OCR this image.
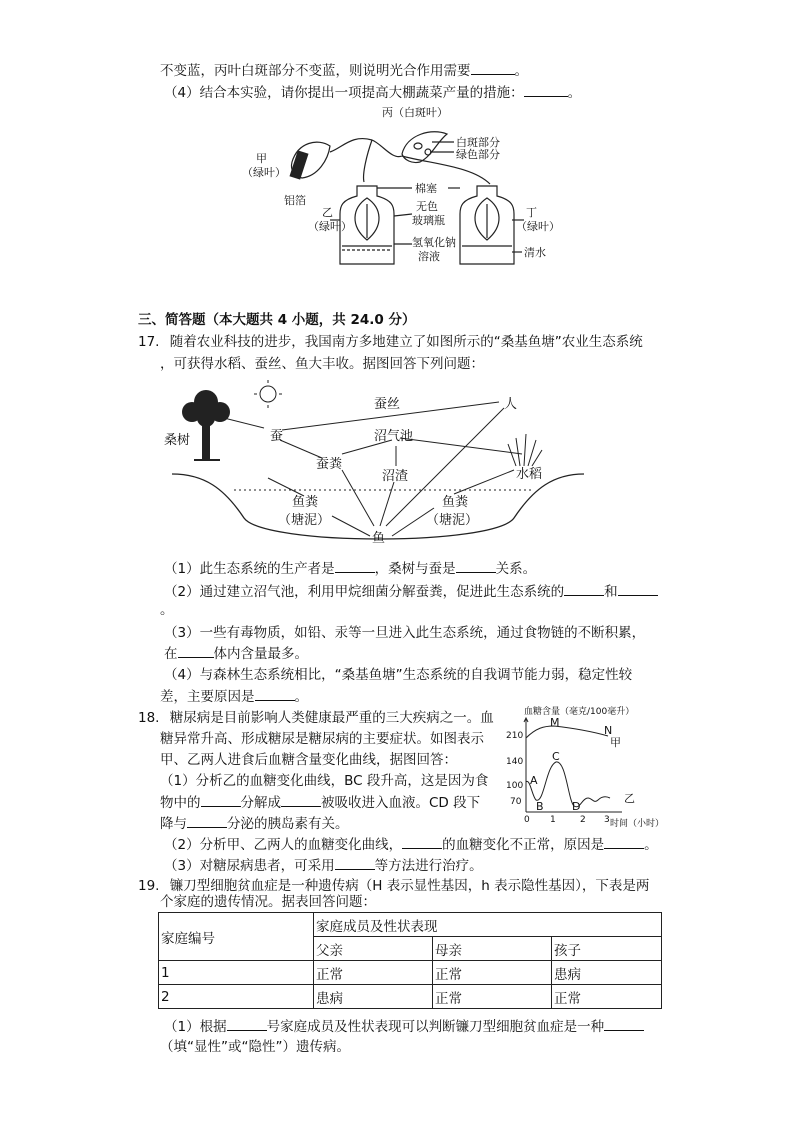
不变蓝，丙叶白斑部分不变蓝，则说明光合作用需要	。
（4）结合本实验，请你提出一项提高大棚蔬菜产量的措施：	。
丙（白斑叶）
白斑部分
绿色部分
甲
（绿叶）
铝箔
棉塞
无色
玻璃瓶
乙
（绿叶）
丁
（绿叶）
氢氧化钠
溶液	清水
三、简答题（本大题共 4 小题，共 24.0 分）
17. 随着农业科技的进步，我国南方多地建立了如图所示的“桑基鱼塘”农业生态系统
，可获得水稻、蚕丝、鱼大丰收。据图回答下列问题：
桑树	蚕
蚕丝	人
沼气池
蚕粪
沼渣	水稻
鱼粪
（塘泥）
鱼粪
（塘泥）
鱼
（1）此生态系统的生产者是	，桑树与蚕是	关系。
（2）通过建立沼气池，利用甲烷细菌分解蚕粪，促进此生态系统的	和
。
（3）一些有毒物质，如铅、汞等一旦进入此生态系统，通过食物链的不断积累，
在	体内含量最多。
（4）与森林生态系统相比，“桑基鱼塘”生态系统的自我调节能力弱，稳定性较
差，主要原因是	。
18. 糖尿病是目前影响人类健康最严重的三大疾病之一。血
糖异常升高、形成糖尿是糖尿病的主要症状。如图表示
甲、乙两人进食后血糖含量变化曲线，据图回答：
（1）分析乙的血糖变化曲线，BC 段升高，这是因为食
物中的	分解成	被吸收进入血液。CD 段下
降与	分泌的胰岛素有关。
（2）分析甲、乙两人的血糖变化曲线，	的血糖变化不正常，原因是	。
（3）对糖尿病患者，可采用	等方法进行治疗。
血糖含量（毫克/100毫升）
210
140
100
70
0 1	2 3 时间（小时）
M
N
A
B
C
D
甲
乙
19. 镰刀型细胞贫血症是一种遗传病（H 表示显性基因，h 表示隐性基因），下表是两
个家庭的遗传情况。据表回答问题：
家庭编号	家庭成员及性状表现		
	父亲	母亲	孩子
1	正常	正常	患病
2	患病	正常	正常
（1）根据	号家庭成员及性状表现可以判断镰刀型细胞贫血症是一种
（填“显性”或“隐性”）遗传病。
